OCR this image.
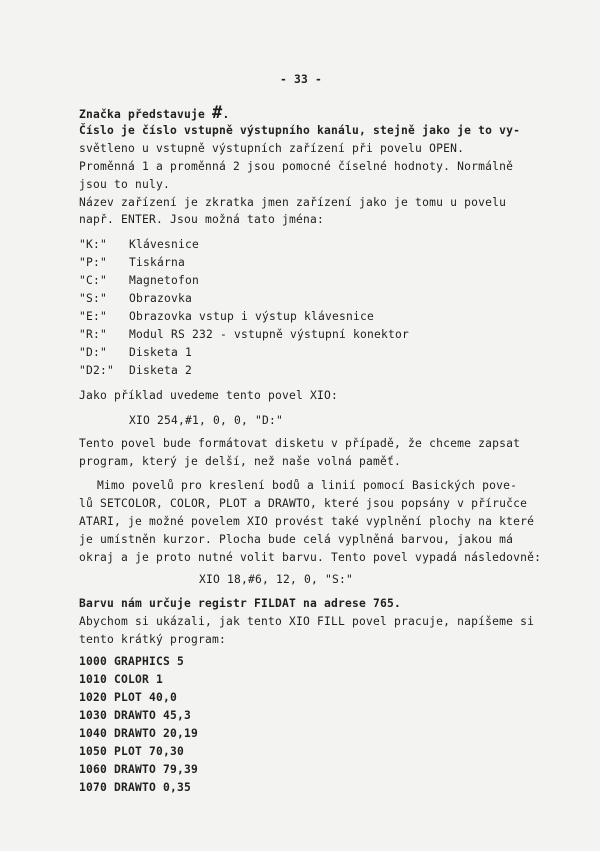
- 33 -
Značka představuje #.
Číslo je číslo vstupně výstupního kanálu, stejně jako je to vy-
světleno u vstupně výstupních zařízení při povelu OPEN.
Proměnná 1 a proměnná 2 jsou pomocné číselné hodnoty. Normálně
jsou to nuly.
Název zařízení je zkratka jmen zařízení jako je tomu u povelu
např. ENTER. Jsou možná tato jména:
"K:" Klávesnice
"P:" Tiskárna
"C:" Magnetofon
"S:" Obrazovka
"E:" Obrazovka vstup i výstup klávesnice
"R:" Modul RS 232 - vstupně výstupní konektor
"D:" Disketa 1
"D2:" Disketa 2
Jako příklad uvedeme tento povel XIO:
XIO 254,#1, 0, 0, "D:"
Tento povel bude formátovat disketu v případě, že chceme zapsat
program, který je delší, než naše volná paměť.
Mimo povelů pro kreslení bodů a linií pomocí Basických pove-
lů SETCOLOR, COLOR, PLOT a DRAWTO, které jsou popsány v příručce
ATARI, je možné povelem XIO provést také vyplnění plochy na které
je umístněn kurzor. Plocha bude celá vyplněná barvou, jakou má
okraj a je proto nutné volit barvu. Tento povel vypadá následovně:
XIO 18,#6, 12, 0, "S:"
Barvu nám určuje registr FILDAT na adrese 765.
Abychom si ukázali, jak tento XIO FILL povel pracuje, napíšeme si
tento krátký program:
1000 GRAPHICS 5
1010 COLOR 1
1020 PLOT 40,0
1030 DRAWTO 45,3
1040 DRAWTO 20,19
1050 PLOT 70,30
1060 DRAWTO 79,39
1070 DRAWTO 0,35
